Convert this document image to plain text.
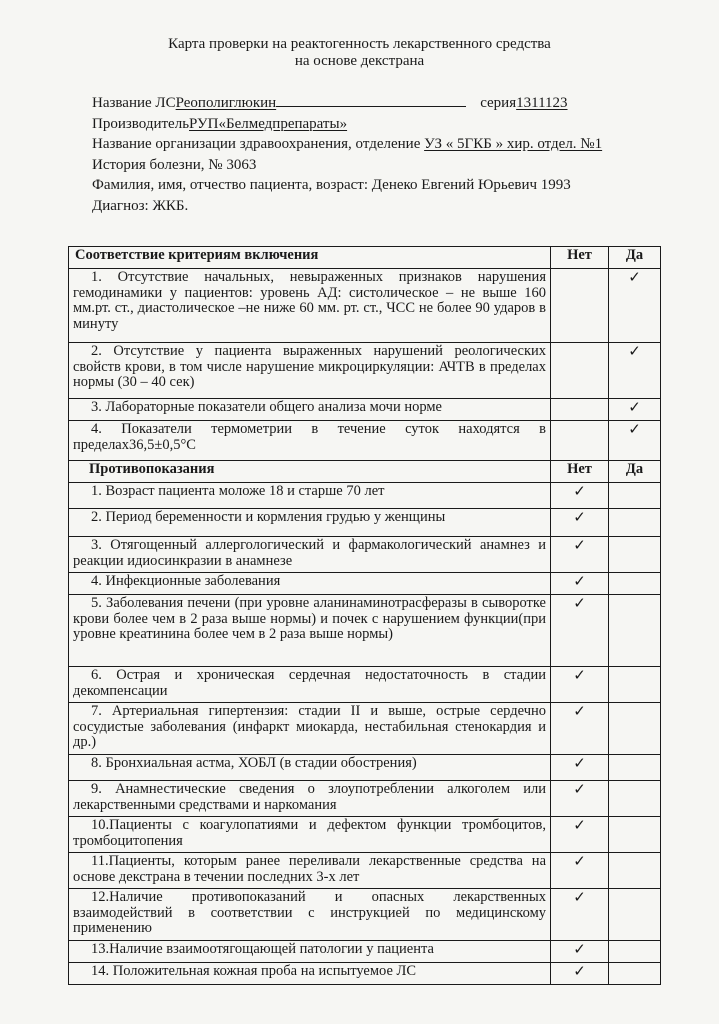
Карта проверки на реактогенность лекарственного средства
на основе декстрана
Название ЛСРеополиглюкин	серия1311123
ПроизводительРУП«Белмедпрепараты»
Название организации здравоохранения, отделение УЗ « 5ГКБ » хир. отдел. №1
История болезни, № 3063
Фамилия, имя, отчество пациента, возраст: Денеко Евгений Юрьевич 1993
Диагноз: ЖКБ.
Соответствие критериям включения	Нет	Да
1. Отсутствие начальных, невыраженных признаков нарушения гемодинамики у пациентов: уровень АД: систолическое – не выше 160 мм.рт. ст., диастолическое –не ниже 60 мм. рт. ст., ЧСС не более 90 ударов в минуту		✓
2. Отсутствие у пациента выраженных нарушений реологических свойств крови, в том числе нарушение микроциркуляции: АЧТВ в пределах нормы (30 – 40 сек)		✓
3. Лабораторные показатели общего анализа мочи норме		✓
4. Показатели термометрии в течение суток находятся в пределах36,5±0,5°С		✓
Противопоказания	Нет	Да
1. Возраст пациента моложе 18 и старше 70 лет	✓	
2. Период беременности и кормления грудью у женщины	✓	
3. Отягощенный аллергологический и фармакологический анамнез и реакции идиосинкразии в анамнезе	✓	
4. Инфекционные заболевания	✓	
5. Заболевания печени (при уровне аланинаминотрасферазы в сыворотке крови более чем в 2 раза выше нормы) и почек с нарушением функции(при уровне креатинина более чем в 2 раза выше нормы)	✓	
6. Острая и хроническая сердечная недостаточность в стадии декомпенсации	✓	
7. Артериальная гипертензия: стадии II и выше, острые сердечно сосудистые заболевания (инфаркт миокарда, нестабильная стенокардия и др.)	✓	
8. Бронхиальная астма, ХОБЛ (в стадии обострения)	✓	
9. Анамнестические сведения о злоупотреблении алкоголем или лекарственными средствами и наркомания	✓	
10.Пациенты с коагулопатиями и дефектом функции тромбоцитов, тромбоцитопения	✓	
11.Пациенты, которым ранее переливали лекарственные средства на основе декстрана в течении последних 3-х лет	✓	
12.Наличие противопоказаний и опасных лекарственных взаимодействий в соответствии с инструкцией по медицинскому применению	✓	
13.Наличие взаимоотягощающей патологии у пациента	✓	
14. Положительная кожная проба на испытуемое ЛС	✓	
